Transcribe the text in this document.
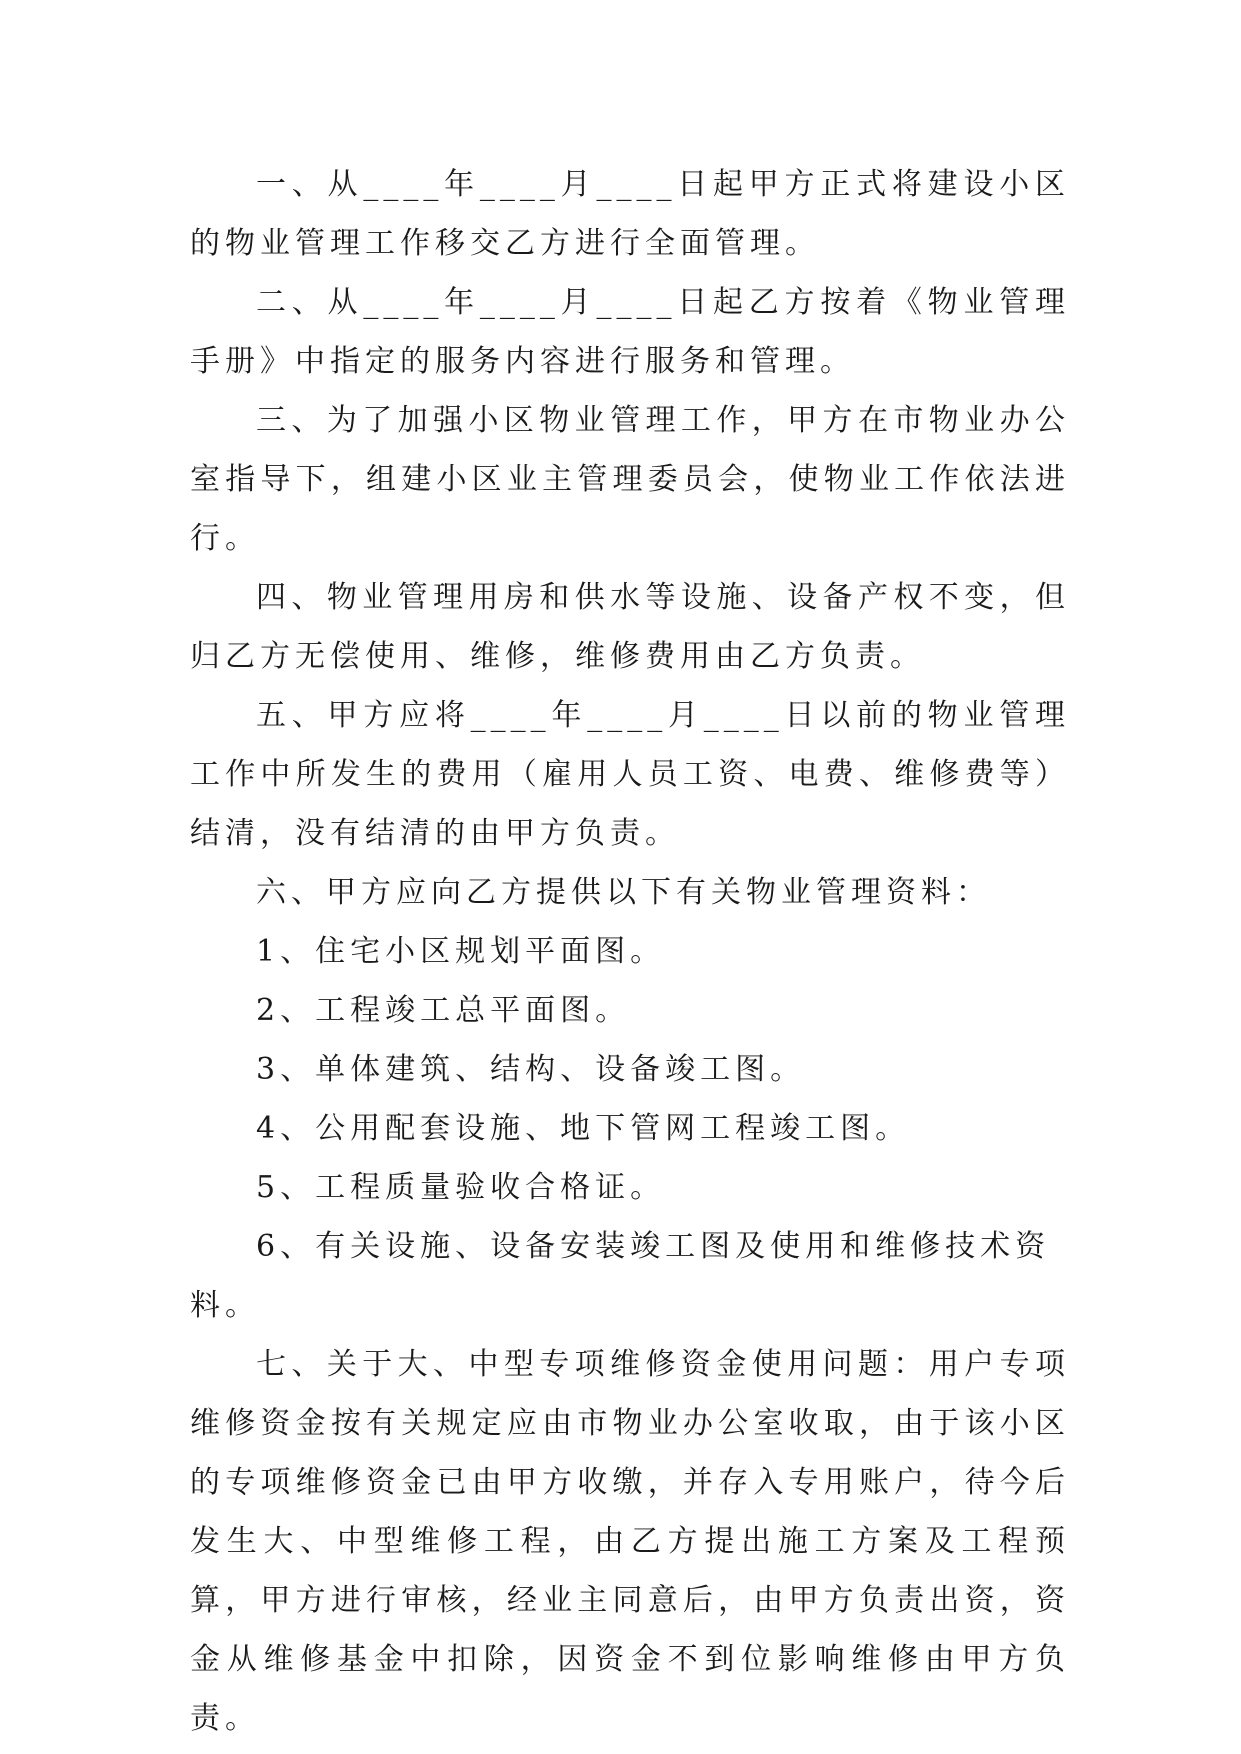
一、从____年____月____日起甲方正式将建设小区的物业管理工作移交乙方进行全面管理。

二、从____年____月____日起乙方按着《物业管理手册》中指定的服务内容进行服务和管理。

三、为了加强小区物业管理工作，甲方在市物业办公室指导下，组建小区业主管理委员会，使物业工作依法进行。

四、物业管理用房和供水等设施、设备产权不变，但归乙方无偿使用、维修，维修费用由乙方负责。

五、甲方应将____年____月____日以前的物业管理工作中所发生的费用（雇用人员工资、电费、维修费等）结清，没有结清的由甲方负责。

六、甲方应向乙方提供以下有关物业管理资料：

1、住宅小区规划平面图。

2、工程竣工总平面图。

3、单体建筑、结构、设备竣工图。

4、公用配套设施、地下管网工程竣工图。

5、工程质量验收合格证。

6、有关设施、设备安装竣工图及使用和维修技术资料。

七、关于大、中型专项维修资金使用问题：用户专项维修资金按有关规定应由市物业办公室收取，由于该小区的专项维修资金已由甲方收缴，并存入专用账户，待今后发生大、中型维修工程，由乙方提出施工方案及工程预算，甲方进行审核，经业主同意后，由甲方负责出资，资金从维修基金中扣除，因资金不到位影响维修由甲方负责。
